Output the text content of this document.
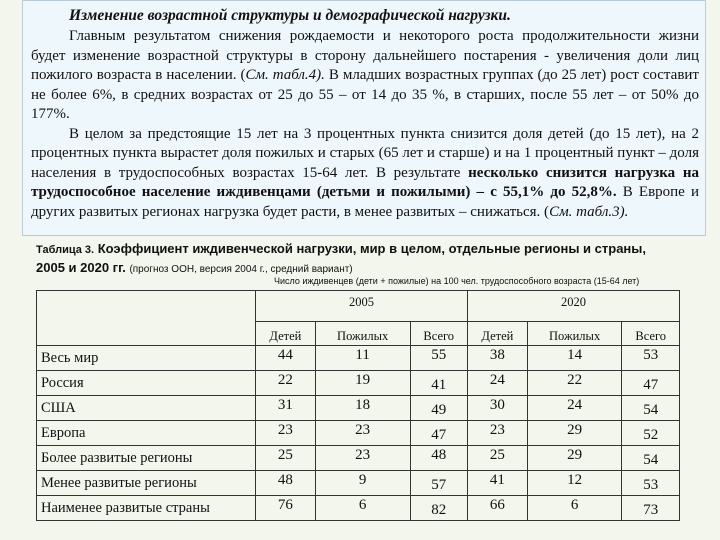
Изменение возрастной структуры и демографической нагрузки.

Главным результатом снижения рождаемости и некоторого роста продолжительности жизни будет изменение возрастной структуры в сторону дальнейшего постарения - увеличения доли лиц пожилого возраста в населении. (См. табл.4). В младших возрастных группах (до 25 лет) рост составит не более 6%, в средних возрастах от 25 до 55 – от 14 до 35 %, в старших, после 55 лет – от 50% до 177%.

В целом за предстоящие 15 лет на 3 процентных пункта снизится доля детей (до 15 лет), на 2 процентных пункта вырастет доля пожилых и старых (65 лет и старше) и на 1 процентный пункт – доля населения в трудоспособных возрастах 15-64 лет. В результате несколько снизится нагрузка на трудоспособное население иждивенцами (детьми и пожилыми) – с 55,1% до 52,8%. В Европе и других развитых регионах нагрузка будет расти, в менее развитых – снижаться. (См. табл.3).

Таблица 3. Коэффициент иждивенческой нагрузки, мир в целом, отдельные регионы и страны, 2005 и 2020 гг. (прогноз ООН, версия 2004 г., средний вариант)
Число иждивенцев (дети + пожилые) на 100 чел. трудоспособного возраста (15-64 лет)
	2005			2020		
	Детей	Пожилых	Всего	Детей	Пожилых	Всего
Весь мир	44	11	55	38	14	53
Россия	22	19	41	24	22	47
США	31	18	49	30	24	54
Европа	23	23	47	23	29	52
Более развитые регионы	25	23	48	25	29	54
Менее развитые регионы	48	9	57	41	12	53
Наименее развитые страны	76	6	82	66	6	73
